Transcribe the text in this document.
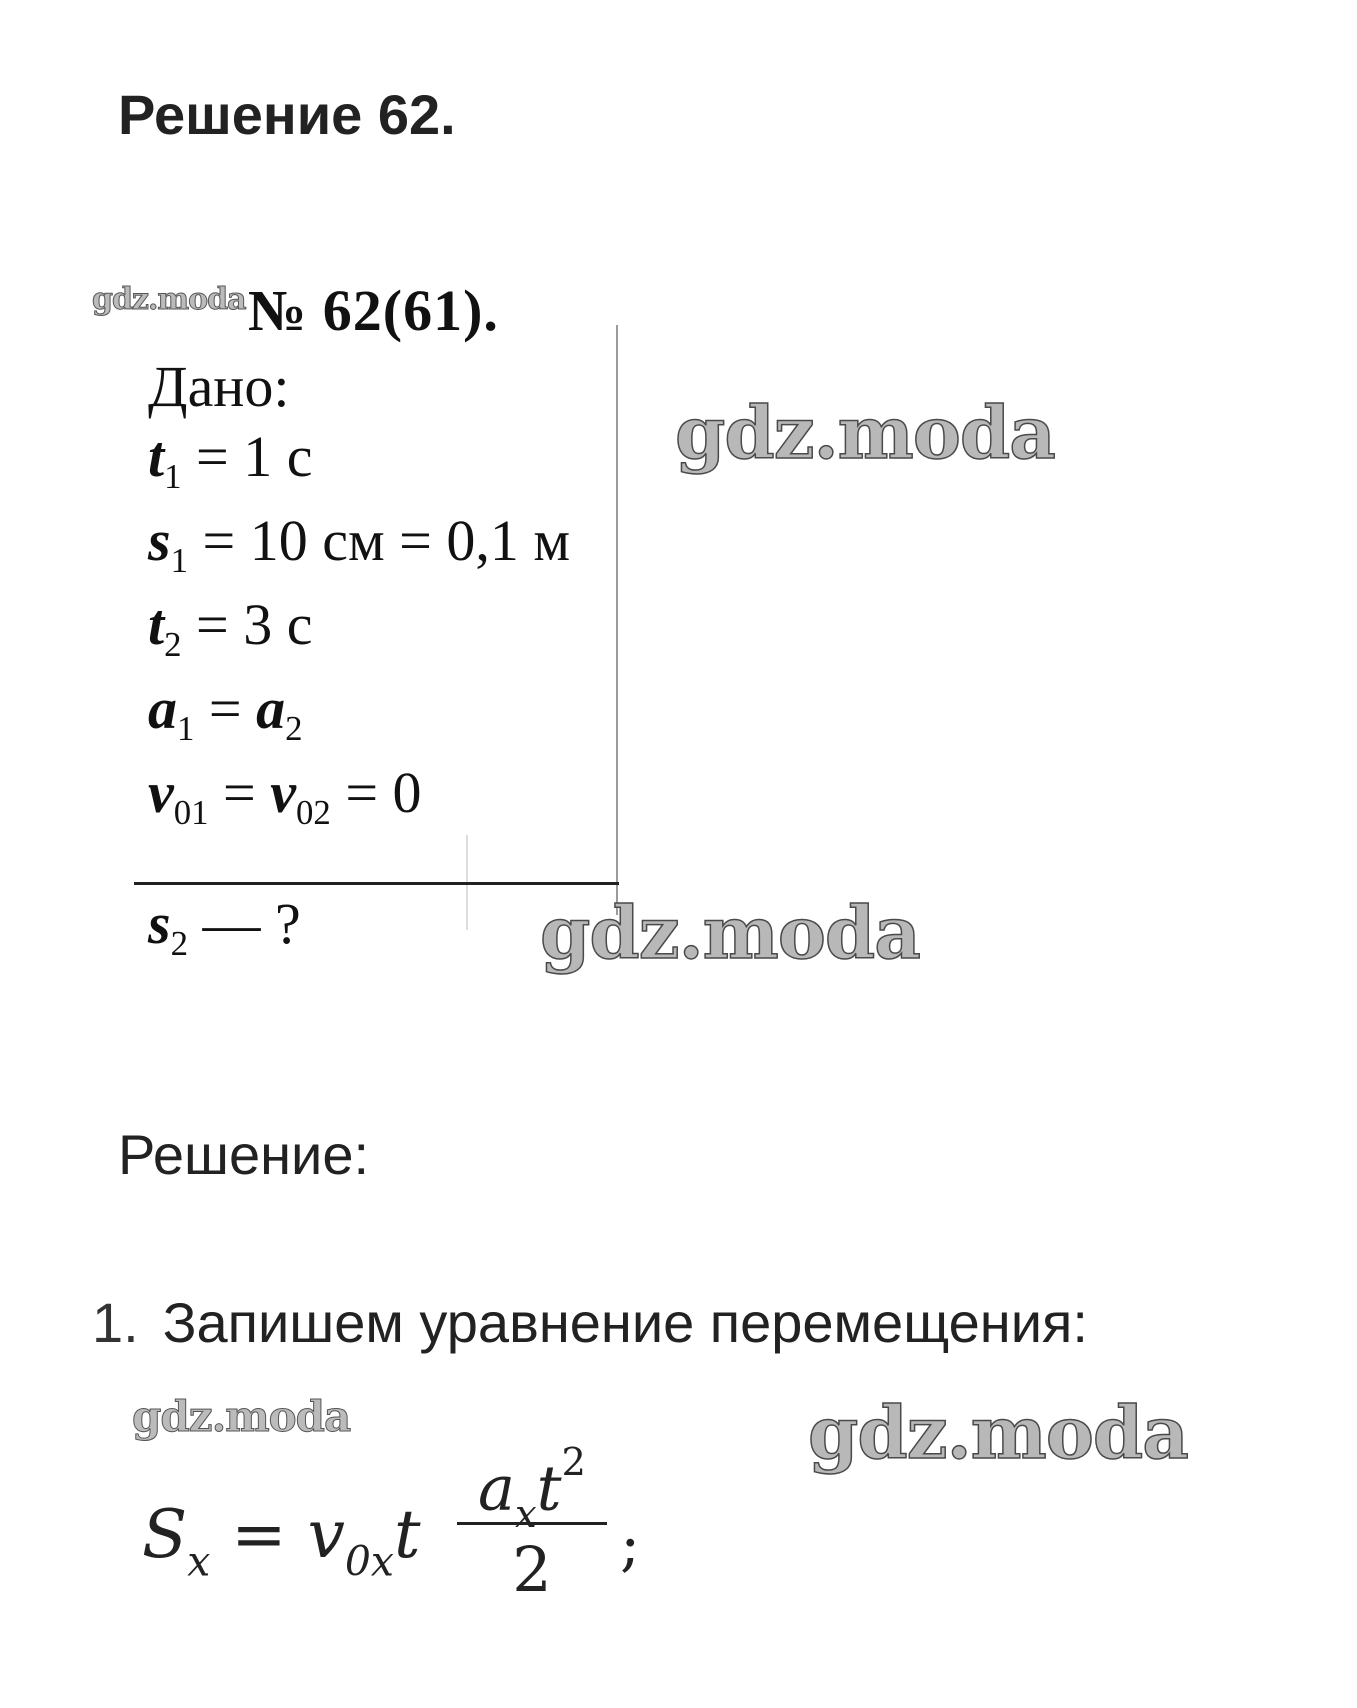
Решение 62.
№ 62(61).
Дано:
$t_1 = 1$ с
$s_1 = 10$ см = 0,1 м
$t_2 = 3$ с
$a_1 = a_2$
$v_{01} = v_{02} = 0$
$s_2$ — ?
gdz.moda
gdz.moda
gdz.moda
gdz.moda	gdz.moda
Решение:
1. Запишем уравнение перемещения:
$S_x = v_{0x}t$
$a_xt^2$
2	;
